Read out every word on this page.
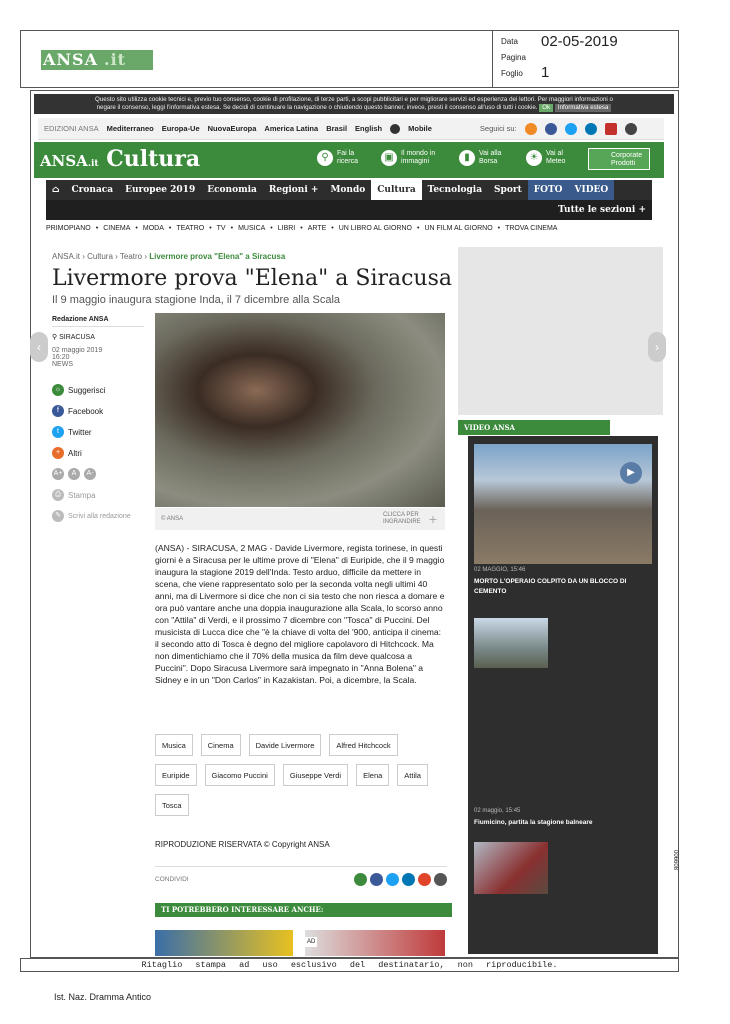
ANSA .it
Data 02-05-2019
Pagina
Foglio 1
Questo sito utilizza cookie tecnici e, previo tuo consenso, cookie di profilazione, di terze parti, a scopi pubblicitari e per migliorare servizi ed esperienza dei lettori. Per maggiori informazioni o
negare il consenso, leggi l'informativa estesa. Se decidi di continuare la navigazione o chiudendo questo banner, invece, presti il consenso all'uso di tutti i cookie. Ok Informativa estesa
EDIZIONI ANSA Mediterraneo Europa-Ue NuovaEuropa America Latina Brasil English	Mobile	Seguici su:
ANSA.it Cultura	⚲	Fai la ricerca	▣	Il mondo in immagini	▮	Vai alla Borsa	☀	Vai al Meteo
Corporate Prodotti
⌂	Cronaca	Europee 2019	Economia	Regioni +	Mondo	Cultura	Tecnologia	Sport	FOTO	VIDEO
Tutte le sezioni +
PRIMOPIANO • CINEMA • MODA • TEATRO • TV • MUSICA • LIBRI • ARTE • UN LIBRO AL GIORNO • UN FILM AL GIORNO • TROVA CINEMA
ANSA.it › Cultura › Teatro › Livermore prova "Elena" a Siracusa
Livermore prova "Elena" a Siracusa
Il 9 maggio inaugura stagione Inda, il 7 dicembre alla Scala
Redazione ANSA
⚲ SIRACUSA
02 maggio 2019
16:20
NEWS
☼ Suggerisci
f	Facebook
t	Twitter
+ Altri
A+	A	A-
⎙ Stampa
✎	Scrivi alla redazione	© ANSA
CLICCA PER INGRANDIRE +
(ANSA) - SIRACUSA, 2 MAG - Davide Livermore, regista torinese, in questi giorni è a Siracusa per le ultime prove di "Elena" di Euripide, che il 9 maggio inaugura la stagione 2019 dell'Inda. Testo arduo, difficile da mettere in scena, che viene rappresentato solo per la seconda volta negli ultimi 40 anni, ma di Livermore si dice che non ci sia testo che non riesca a domare e ora può vantare anche una doppia inaugurazione alla Scala, lo scorso anno con "Attila" di Verdi, e il prossimo 7 dicembre con "Tosca" di Puccini. Del musicista di Lucca dice che "è la chiave di volta del '900, anticipa il cinema: il secondo atto di Tosca è degno del migliore capolavoro di Hitchcock. Ma non dimentichiamo che il 70% della musica da film deve qualcosa a Puccini". Dopo Siracusa Livermore sarà impegnato in "Anna Bolena" a Sidney e in un "Don Carlos" in Kazakistan. Poi, a dicembre, la Scala.
Musica	Cinema	Davide Livermore	Alfred Hitchcock
Euripide	Giacomo Puccini	Giuseppe Verdi	Elena	Attila
Tosca
RIPRODUZIONE RISERVATA © Copyright ANSA
CONDIVIDI
TI POTREBBERO INTERESSARE ANCHE:
AD
VIDEO ANSA
▶
02 MAGGIO, 15:46
MORTO L'OPERAIO COLPITO DA UN BLOCCO DI CEMENTO
02 maggio, 15:45
Fiumicino, partita la stagione balneare
‹	›
Ritaglio stampa ad uso esclusivo del destinatario, non riproducibile.
Ist. Naz. Dramma Antico
006608
